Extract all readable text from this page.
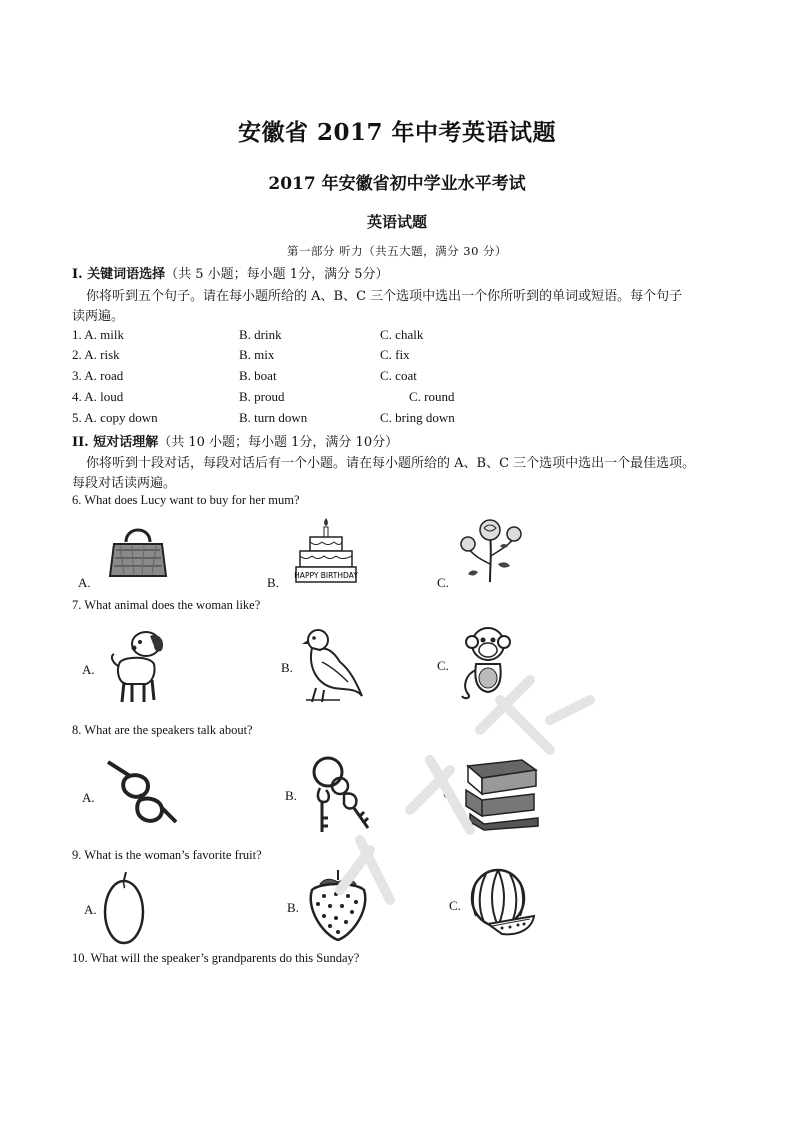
安徽省 2017 年中考英语试题
2017 年安徽省初中学业水平考试
英语试题
第一部分 听力（共五大题，满分 30 分）
I. 关键词语选择（共 5 小题；每小题 1分，满分 5分）
你将听到五个句子。请在每小题所给的 A、B、C 三个选项中选出一个你所听到的单词或短语。每个句子
读两遍。
1. A. milk	B. drink	C. chalk
2. A. risk	B. mix	C. fix
3. A. road	B. boat	C. coat
4. A. loud	B. proud	C. round
5. A. copy down	B. turn down	C. bring down
II. 短对话理解（共 10 小题；每小题 1分，满分 10分）
你将听到十段对话，每段对话后有一个小题。请在每小题所给的 A、B、C 三个选项中选出一个最佳选项。
每段对话读两遍。
6. What does Lucy want to buy for her mum?
A.	B.	C.
HAPPY BIRTHDAY
7. What animal does the woman like?
A.	B.	C.
8. What are the speakers talk about?
A.	B.	C.
9. What is the woman’s favorite fruit?
A.	B.	C.
10. What will the speaker’s grandparents do this Sunday?
